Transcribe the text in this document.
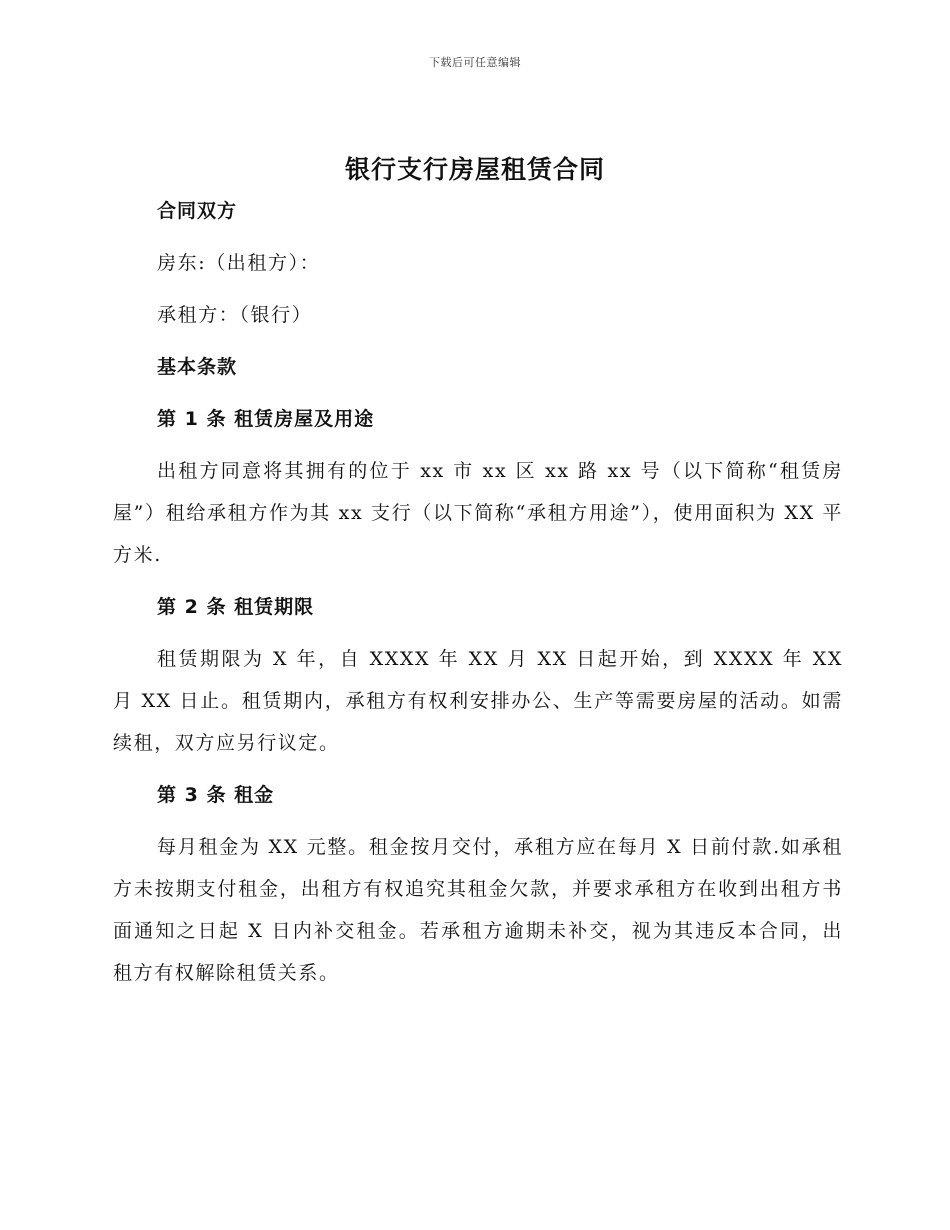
下载后可任意编辑
银行支行房屋租赁合同

合同双方

房东:（出租方）：

承租方：（银行）

基本条款

第 1 条 租赁房屋及用途

出租方同意将其拥有的位于 xx 市 xx 区 xx 路 xx 号（以下简称“租赁房屋”）租给承租方作为其 xx 支行（以下简称“承租方用途”），使用面积为 XX 平方米.

第 2 条 租赁期限

租赁期限为 X 年，自 XXXX 年 XX 月 XX 日起开始，到 XXXX 年 XX 月 XX 日止。租赁期内，承租方有权利安排办公、生产等需要房屋的活动。如需续租，双方应另行议定。

第 3 条 租金

每月租金为 XX 元整。租金按月交付，承租方应在每月 X 日前付款.如承租方未按期支付租金，出租方有权追究其租金欠款，并要求承租方在收到出租方书面通知之日起 X 日内补交租金。若承租方逾期未补交，视为其违反本合同，出租方有权解除租赁关系。
